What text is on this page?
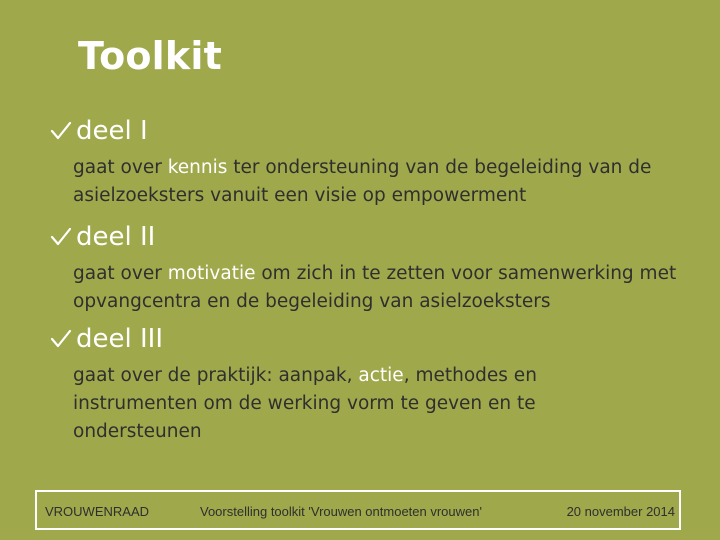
Toolkit
deel I
gaat over kennis ter ondersteuning van de begeleiding van de asielzoeksters vanuit een visie op empowerment
deel II
gaat over motivatie om zich in te zetten voor samenwerking met opvangcentra en de begeleiding van asielzoeksters
deel III
gaat over de praktijk: aanpak, actie, methodes en instrumenten om de werking vorm te geven en te ondersteunen
VROUWENRAAD	Voorstelling toolkit 'Vrouwen ontmoeten vrouwen'	20 november 2014
